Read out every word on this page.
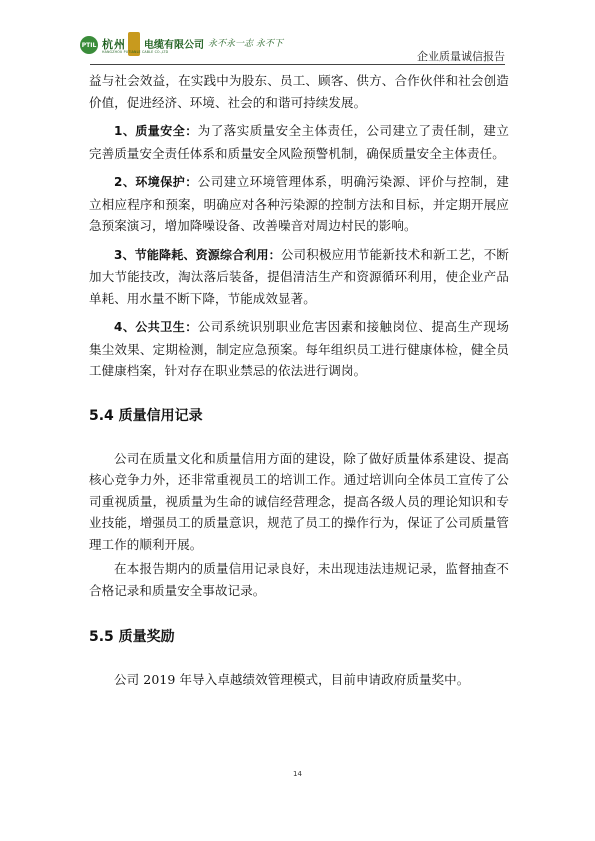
PTIL 杭州 电缆有限公司
HANGZHOU PUTIANLE CABLE CO.,LTD
永不永一志 永不下
企业质量诚信报告

益与社会效益，在实践中为股东、员工、顾客、供方、合作伙伴和社会创造价值，促进经济、环境、社会的和谐可持续发展。

1、质量安全：为了落实质量安全主体责任，公司建立了责任制，建立完善质量安全责任体系和质量安全风险预警机制，确保质量安全主体责任。

2、环境保护：公司建立环境管理体系，明确污染源、评价与控制，建立相应程序和预案，明确应对各种污染源的控制方法和目标，并定期开展应急预案演习，增加降噪设备、改善噪音对周边村民的影响。

3、节能降耗、资源综合利用：公司积极应用节能新技术和新工艺，不断加大节能技改，淘汰落后装备，提倡清洁生产和资源循环利用，使企业产品单耗、用水量不断下降，节能成效显著。

4、公共卫生：公司系统识别职业危害因素和接触岗位、提高生产现场集尘效果、定期检测，制定应急预案。每年组织员工进行健康体检，健全员工健康档案，针对存在职业禁忌的依法进行调岗。

5.4 质量信用记录

公司在质量文化和质量信用方面的建设，除了做好质量体系建设、提高核心竞争力外，还非常重视员工的培训工作。通过培训向全体员工宣传了公司重视质量，视质量为生命的诚信经营理念，提高各级人员的理论知识和专业技能，增强员工的质量意识，规范了员工的操作行为，保证了公司质量管理工作的顺利开展。

在本报告期内的质量信用记录良好，未出现违法违规记录，监督抽查不合格记录和质量安全事故记录。

5.5 质量奖励

公司 2019 年导入卓越绩效管理模式，目前申请政府质量奖中。

14
